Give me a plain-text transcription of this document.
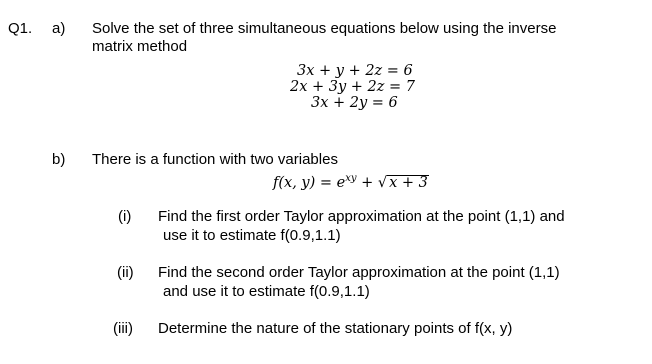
Q1. a) Solve the set of three simultaneous equations below using the inverse
matrix method
3x + y + 2z = 6
2x + 3y + 2z = 7
3x + 2y = 6
b) There is a function with two variables
f(x, $y) = e^{xy}$ + √ x + 3
(i) Find the first order Taylor approximation at the point (1,1) and
use it to estimate f(0.9,1.1)
(ii) Find the second order Taylor approximation at the point (1,1)
and use it to estimate f(0.9,1.1)
(iii) Determine the nature of the stationary points of f(x, y)
